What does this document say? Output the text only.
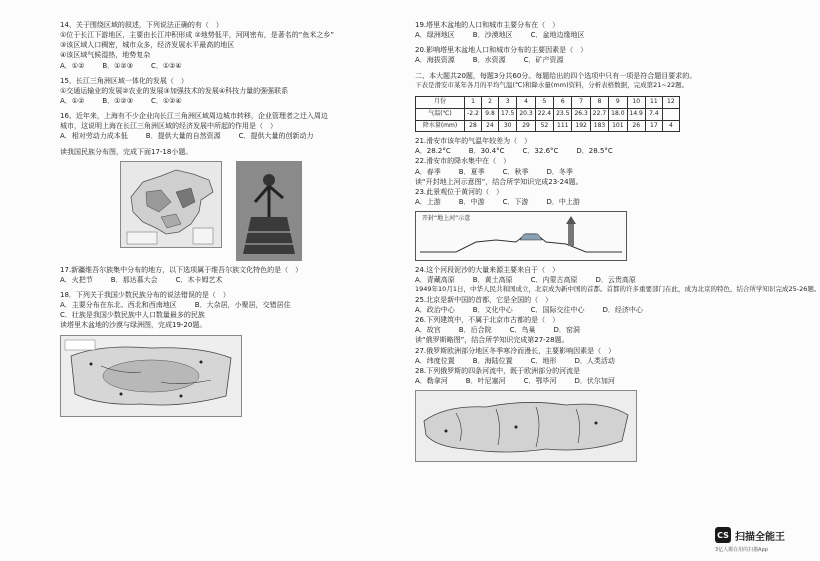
14、关于围绕区域的叙述，下列说法正确的有（　）
①位于长江下游地区，主要由长江冲积形成 ②地势低平，河网密布，是著名的“鱼米之乡”
③该区域人口稠密，城市众多，经济发展水平最高的地区
④该区域气候湿热，地势复杂
A．①②	B．①②③	C．①②④
15、长江三角洲区域一体化的发展（　）
①交通运输业的发展②农业的发展③加强技术的发展④科技力量的强强联系
A．①②	B．①②③	C．①②④
16、近年来，上海有不少企业向长江三角洲区域周边城市转移，企业管理者之迁入周边
城市，这说明上海在长江三角洲区域的经济发展中所起的作用是（　）
A．相对劳动力成本低	B．提供大量的自然资源	C．提供大量的创新动力
读我国民族分布图，完成下面17-18小题。
17.新疆维吾尔族集中分布的地方，以下选项属于维吾尔族文化特色的是（　）
A．火把节	B．那达慕大会	C．木卡姆艺术
18．下列关于我国少数民族分布的说法错误的是（　）
A．主要分布在东北、西北和西南地区	B．大杂居，小聚居，交错居住
C．壮族是我国少数民族中人口数量最多的民族
读塔里木盆地的沙漠与绿洲图，完成19-20题。
19.塔里木盆地的人口和城市主要分布在（　）
A．绿洲地区	B．沙漠地区	C．盆地边缘地区
20.影响塔里木盆地人口和城市分布的主要因素是（　）
A．海拔资源	B．水资源	C．矿产资源
二、本大题共20题，每题3分共60分。每题给出的四个选项中只有一项是符合题目要求的。
下表是滑安市某年各月的平均气温(℃)和降水量(mm)资料，分析表格数据，完成第21~22题。
月份	1	2	3	4	5	6	7	8	9	10	11	12
气温(℃)	-2.2	9.8	17.5	20.3	22.4	23.5	26.3	22.7	18.0	14.9	7.4	
降水量(mm)	28	24	30	29	52	111	192	183	101	26	17	4
21.滑安市该年的气温年较差为（　）
A．28.2°C	B．30.4°C	C．32.6°C	D．28.5°C
22.滑安市的降水集中在（　）
A．春季	B．夏季	C．秋季	D．冬季
读“开封地上河示意图”，结合所学知识完成23-24题。
23.此景观位于黄河的（　）
A．上游	B．中游	C．下游	D．中上游
开封“地上河”示意
24.这个河段泥沙的大量来源主要来自于（　）
A．青藏高原	B．黄土高原	C．内蒙古高原	D．云贵高原
1949年10月1日，中华人民共和国成立，北京成为新中国的首都。首都的许多重要部门在此，成为北京的特色，结合所学知识完成25-26题。
25.北京是新中国的首都，它是全国的（　）
A．政治中心	B．文化中心	C．国际交往中心	D．经济中心
26.下列建筑中，不属于北京市古都的是（　）
A．故宫	B．后合院	C．鸟巢	D．窑洞
读“俄罗斯略图”，结合所学知识完成第27-28题。
27.俄罗斯欧洲部分地区冬季寒冷而漫长，主要影响因素是（　）
A．纬度位置	B．海陆位置	C．地形	D．人类活动
28.下列俄罗斯的四条河流中，既于欧洲部分的河流是
A．勒拿河	B．叶尼塞河	C．鄂毕河	D．伏尔加河
CS 扫描全能王
3亿人都在用的扫描App
